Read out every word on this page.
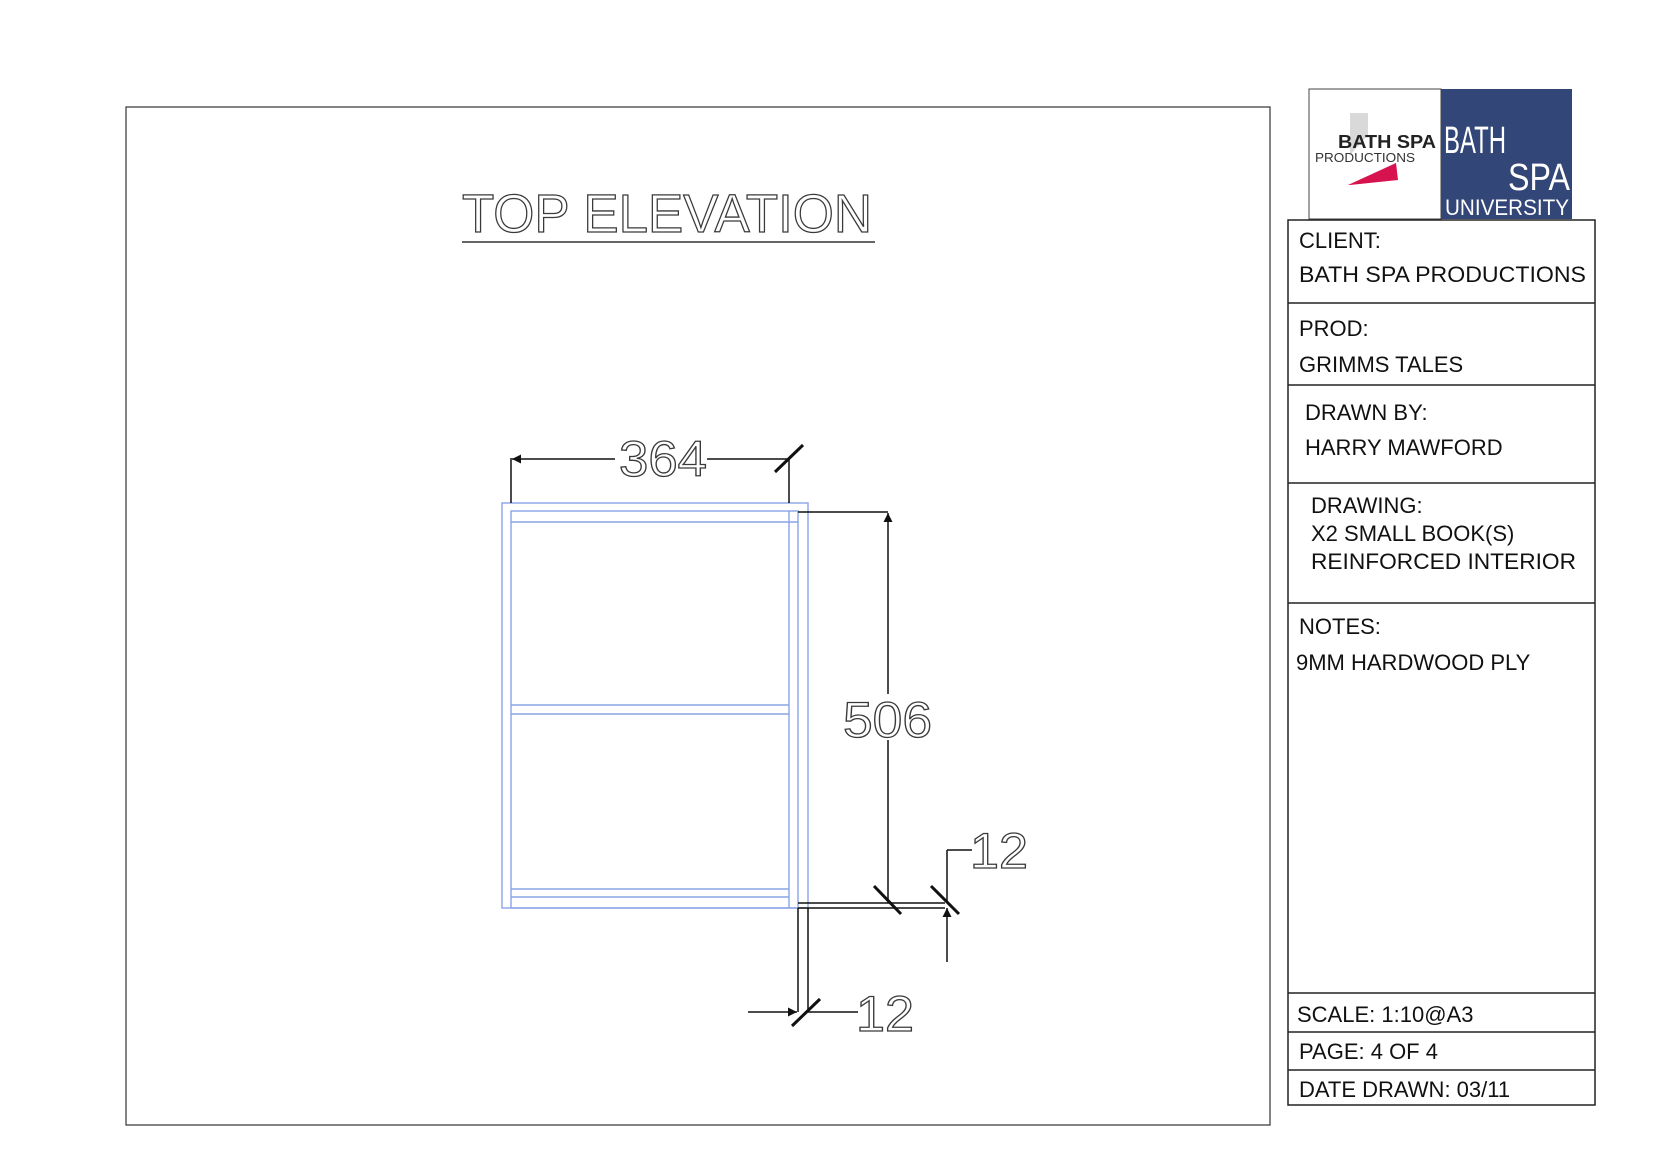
TOP ELEVATION
364
506
12
12
BATH SPA
PRODUCTIONS BATH
SPA
UNIVERSITY
CLIENT:
BATH SPA PRODUCTIONS
PROD:
GRIMMS TALES
DRAWN BY:
HARRY MAWFORD
DRAWING:
X2 SMALL BOOK(S)
REINFORCED INTERIOR
NOTES:
9MM HARDWOOD PLY
SCALE: 1:10@A3
PAGE: 4 OF 4
DATE DRAWN: 03/11
